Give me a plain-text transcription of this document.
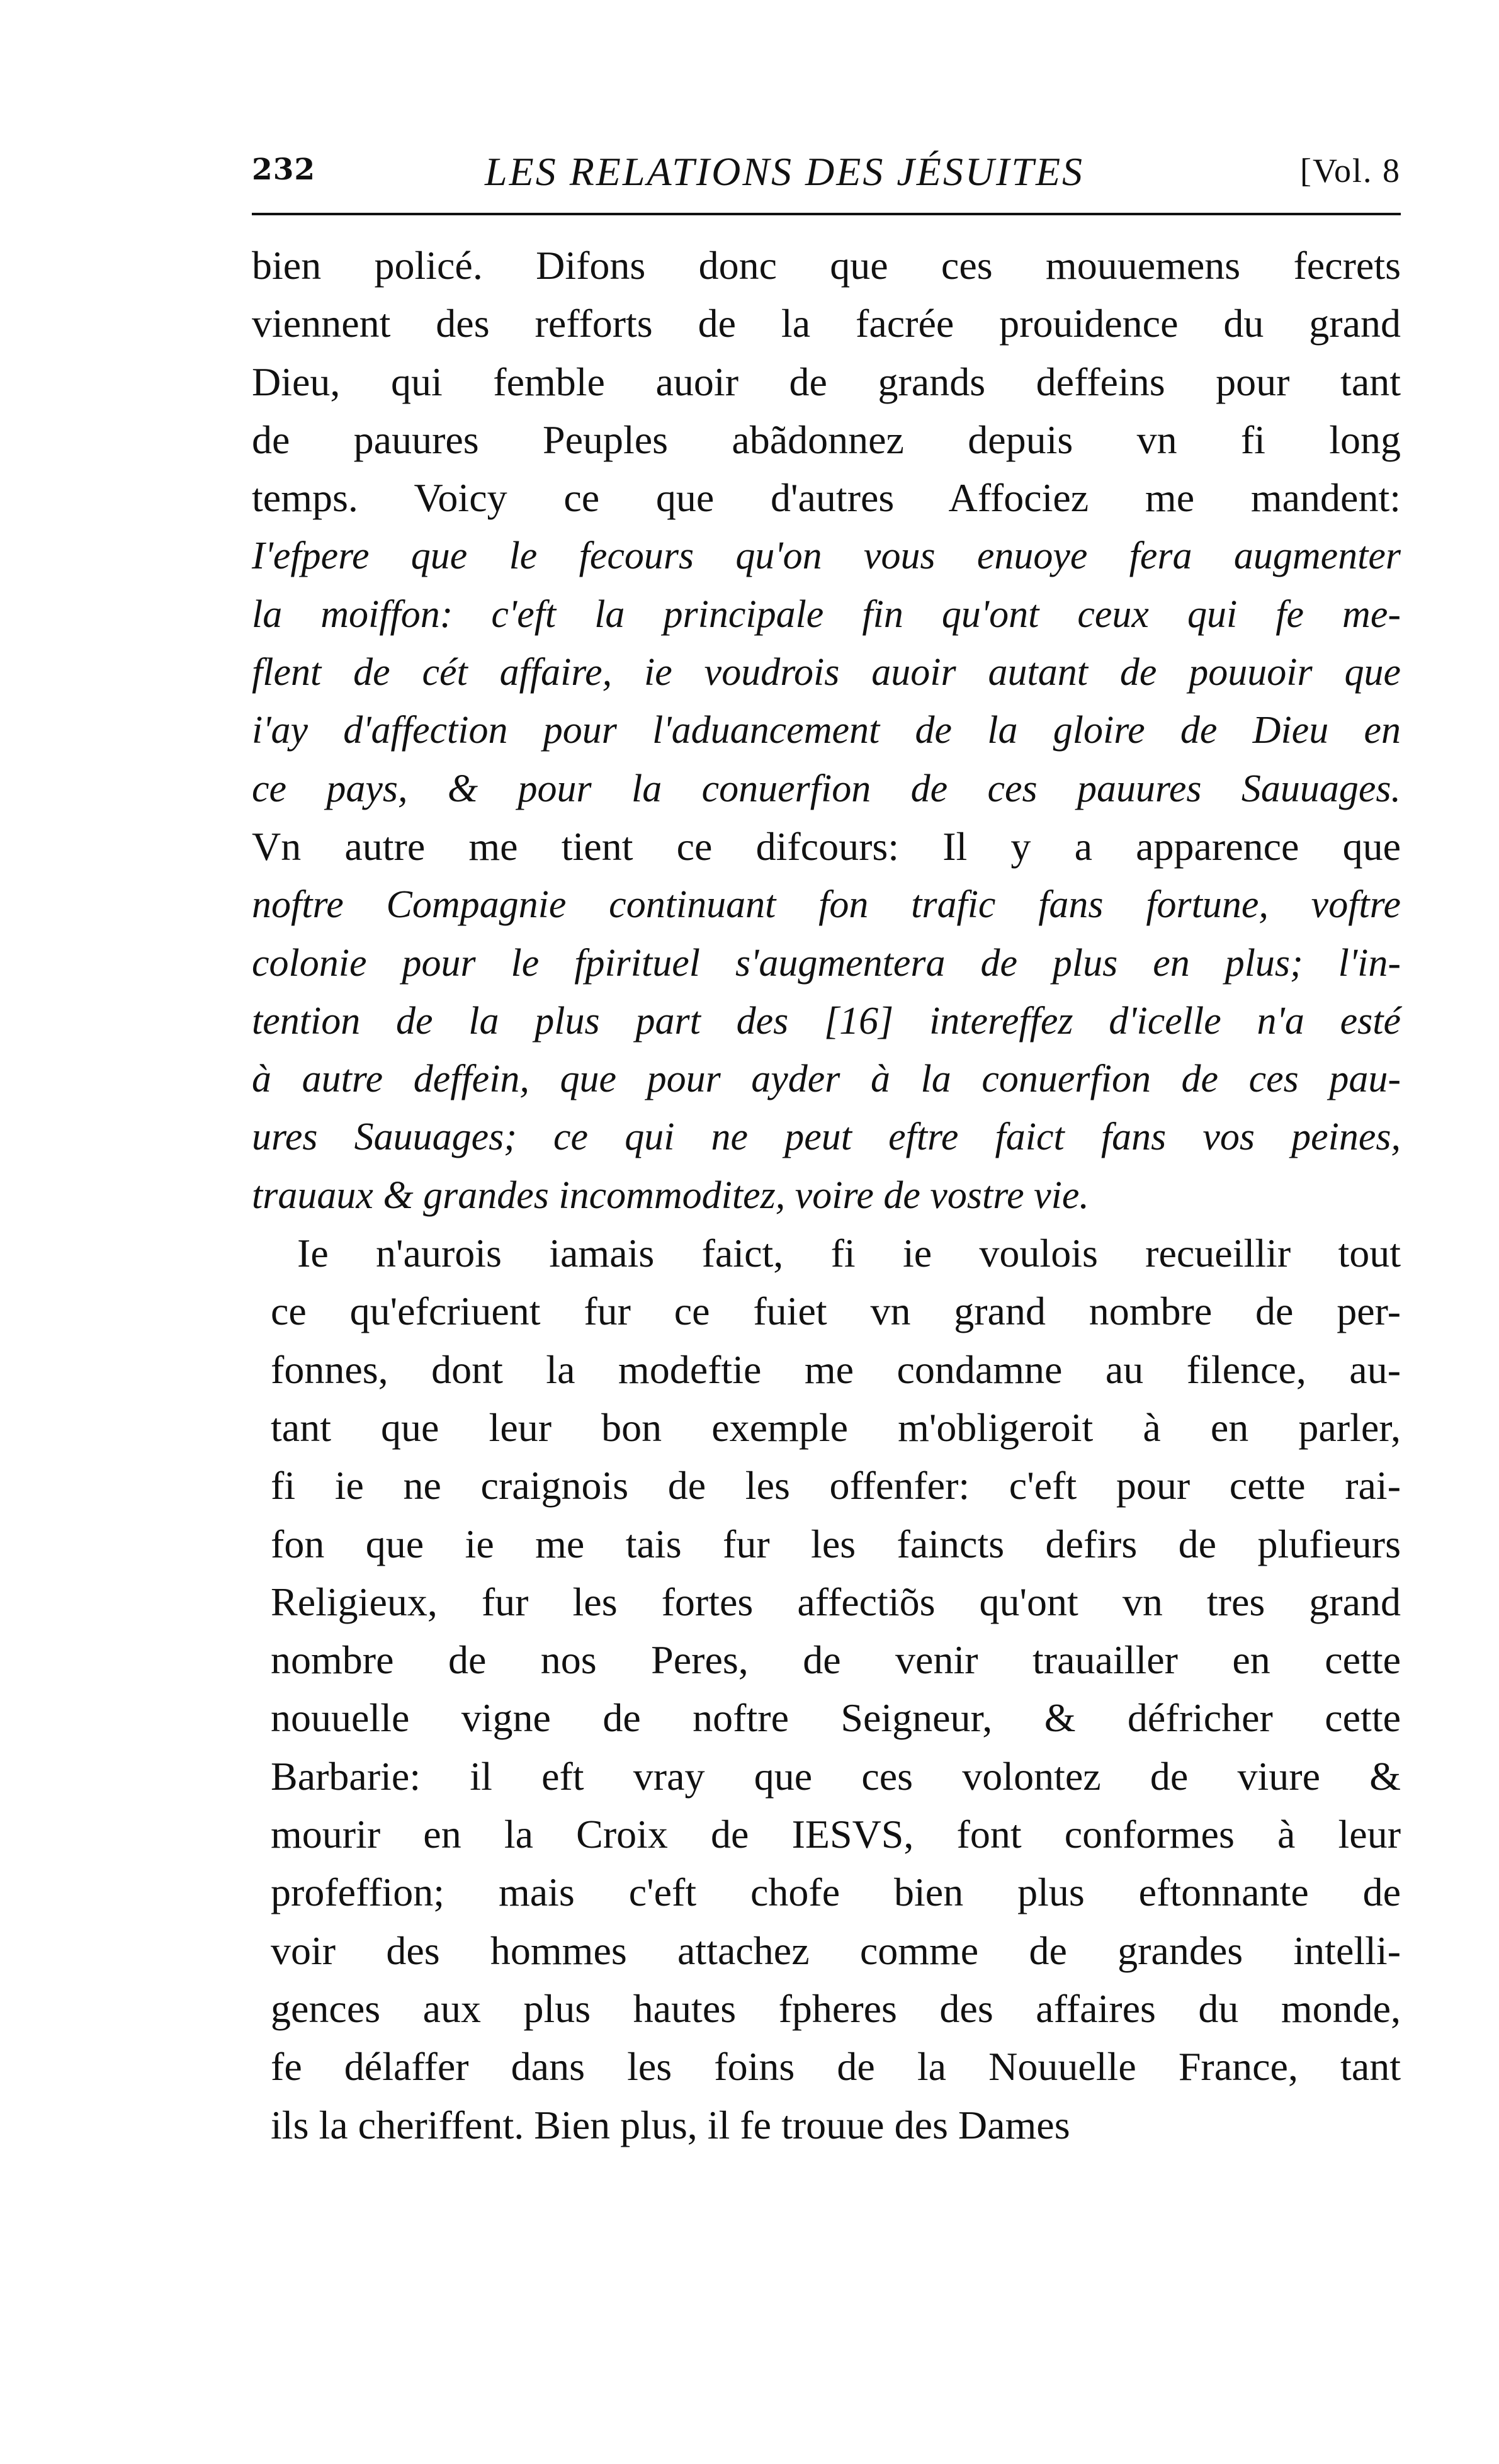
232	LES RELATIONS DES JÉSUITES	[Vol. 8
bien policé. Difons donc que ces mouuemens fecrets
viennent des refforts de la facrée prouidence du grand
Dieu, qui femble auoir de grands deffeins pour tant
de pauures Peuples abãdonnez depuis vn fi long
temps. Voicy ce que d'autres Affociez me mandent:
I'efpere que le fecours qu'on vous enuoye fera augmenter
la moiffon: c'eft la principale fin qu'ont ceux qui fe me-
flent de cét affaire, ie voudrois auoir autant de pouuoir que
i'ay d'affection pour l'aduancement de la gloire de Dieu en
ce pays, & pour la conuerfion de ces pauures Sauuages.
Vn autre me tient ce difcours: Il y a apparence que
noftre Compagnie continuant fon trafic fans fortune, voftre
colonie pour le fpirituel s'augmentera de plus en plus; l'in-
tention de la plus part des [16] intereffez d'icelle n'a esté
à autre deffein, que pour ayder à la conuerfion de ces pau-
ures Sauuages; ce qui ne peut eftre faict fans vos peines,
trauaux & grandes incommoditez, voire de vostre vie.
Ie n'aurois iamais faict, fi ie voulois recueillir tout
ce qu'efcriuent fur ce fuiet vn grand nombre de per-
fonnes, dont la modeftie me condamne au filence, au-
tant que leur bon exemple m'obligeroit à en parler,
fi ie ne craignois de les offenfer: c'eft pour cette rai-
fon que ie me tais fur les faincts defirs de plufieurs
Religieux, fur les fortes affectiõs qu'ont vn tres grand
nombre de nos Peres, de venir trauailler en cette
nouuelle vigne de noftre Seigneur, & défricher cette
Barbarie: il eft vray que ces volontez de viure &
mourir en la Croix de IESVS, font conformes à leur
profeffion; mais c'eft chofe bien plus eftonnante de
voir des hommes attachez comme de grandes intelli-
gences aux plus hautes fpheres des affaires du monde,
fe délaffer dans les foins de la Nouuelle France, tant
ils la cheriffent. Bien plus, il fe trouue des Dames
